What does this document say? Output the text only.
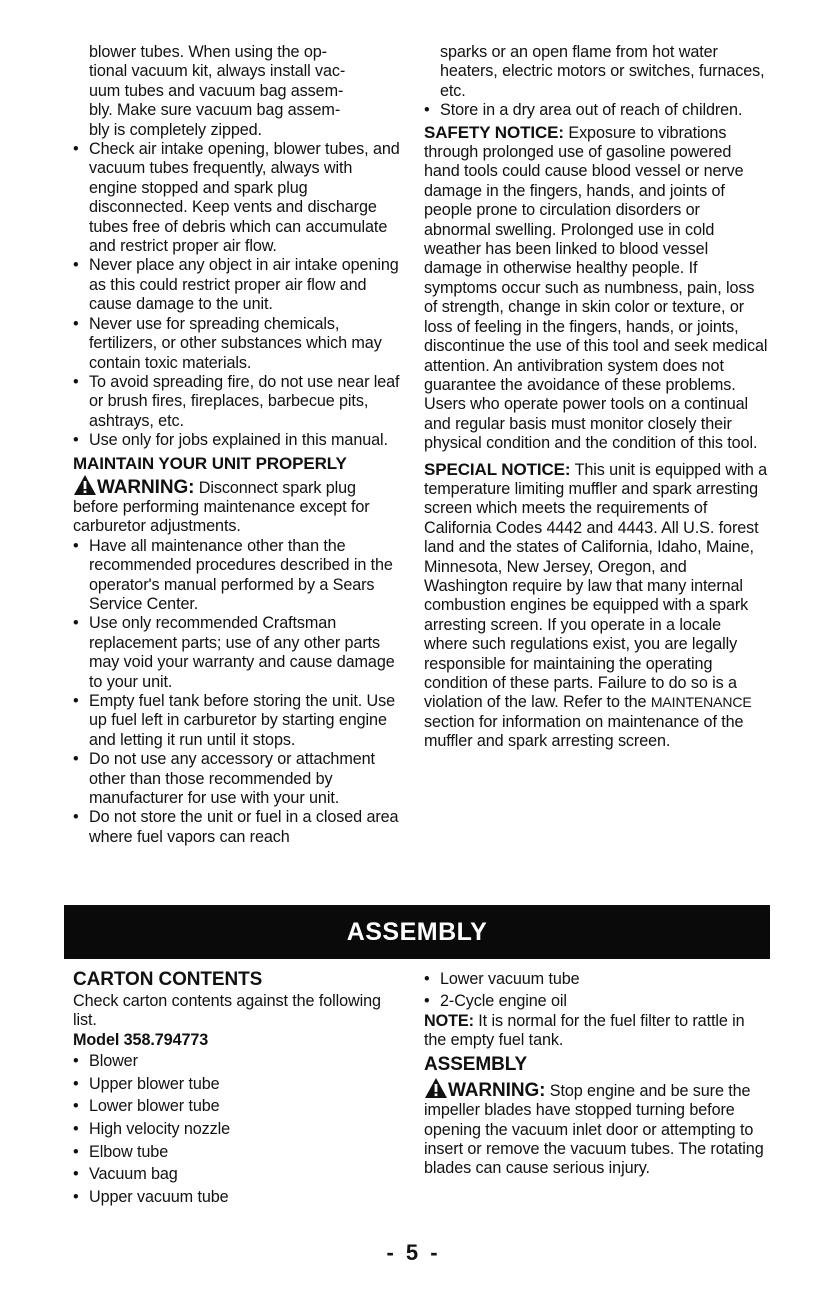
blower tubes. When using the op-
tional vacuum kit, always install vac-
uum tubes and vacuum bag assem-
bly. Make sure vacuum bag assem-
bly is completely zipped.
• Check air intake opening, blower tubes, and vacuum tubes frequently, always with engine stopped and spark plug disconnected. Keep vents and discharge tubes free of debris which can accumulate and restrict proper air flow.
• Never place any object in air intake opening as this could restrict proper air flow and cause damage to the unit.
• Never use for spreading chemicals, fertilizers, or other substances which may contain toxic materials.
• To avoid spreading fire, do not use near leaf or brush fires, fireplaces, barbecue pits, ashtrays, etc.
• Use only for jobs explained in this manual.
MAINTAIN YOUR UNIT PROPERLY

WARNING: Disconnect spark plug before performing maintenance except for carburetor adjustments.

• Have all maintenance other than the recommended procedures described in the operator's manual performed by a Sears Service Center.
• Use only recommended Craftsman replacement parts; use of any other parts may void your warranty and cause damage to your unit.
• Empty fuel tank before storing the unit. Use up fuel left in carburetor by starting engine and letting it run until it stops.
• Do not use any accessory or attachment other than those recommended by manufacturer for use with your unit.
• Do not store the unit or fuel in a closed area where fuel vapors can reach

sparks or an open flame from hot water heaters, electric motors or switches, furnaces, etc.

• Store in a dry area out of reach of children.

SAFETY NOTICE: Exposure to vibrations through prolonged use of gasoline powered hand tools could cause blood vessel or nerve damage in the fingers, hands, and joints of people prone to circulation disorders or abnormal swelling. Prolonged use in cold weather has been linked to blood vessel damage in otherwise healthy people. If symptoms occur such as numbness, pain, loss of strength, change in skin color or texture, or loss of feeling in the fingers, hands, or joints, discontinue the use of this tool and seek medical attention. An antivibration system does not guarantee the avoidance of these problems. Users who operate power tools on a continual and regular basis must monitor closely their physical condition and the condition of this tool.

SPECIAL NOTICE: This unit is equipped with a temperature limiting muffler and spark arresting screen which meets the requirements of California Codes 4442 and 4443. All U.S. forest land and the states of California, Idaho, Maine, Minnesota, New Jersey, Oregon, and Washington require by law that many internal combustion engines be equipped with a spark arresting screen. If you operate in a locale where such regulations exist, you are legally responsible for maintaining the operating condition of these parts. Failure to do so is a violation of the law. Refer to the MAINTENANCE section for information on maintenance of the muffler and spark arresting screen.

ASSEMBLY
CARTON CONTENTS

Check carton contents against the following list.

Model 358.794773
• Blower
• Upper blower tube
• Lower blower tube
• High velocity nozzle
• Elbow tube
• Vacuum bag
• Upper vacuum tube
• Lower vacuum tube
• 2-Cycle engine oil

NOTE: It is normal for the fuel filter to rattle in the empty fuel tank.

ASSEMBLY

WARNING: Stop engine and be sure the impeller blades have stopped turning before opening the vacuum inlet door or attempting to insert or remove the vacuum tubes. The rotating blades can cause serious injury.

- 5 -
